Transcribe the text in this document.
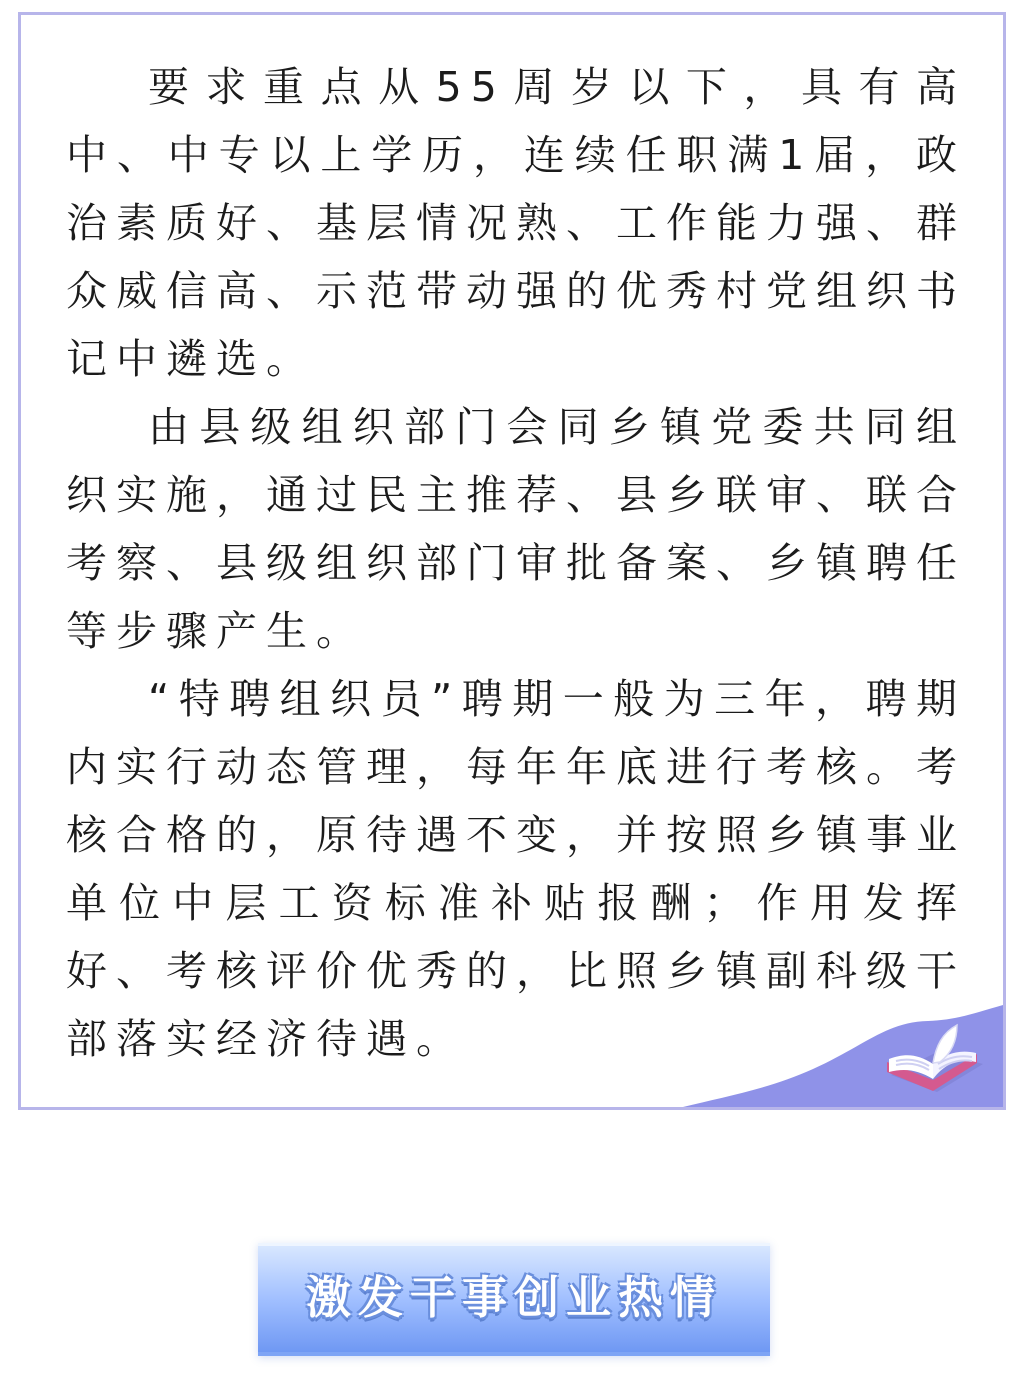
要求重点从55周岁以下，具有高中、中专以上学历，连续任职满1届，政治素质好、基层情况熟、工作能力强、群众威信高、示范带动强的优秀村党组织书记中遴选。

由县级组织部门会同乡镇党委共同组织实施，通过民主推荐、县乡联审、联合考察、县级组织部门审批备案、乡镇聘任等步骤产生。

“特聘组织员”聘期一般为三年，聘期内实行动态管理，每年年底进行考核。考核合格的，原待遇不变，并按照乡镇事业单位中层工资标准补贴报酬；作用发挥好、考核评价优秀的，比照乡镇副科级干部落实经济待遇。

激发干事创业热情
